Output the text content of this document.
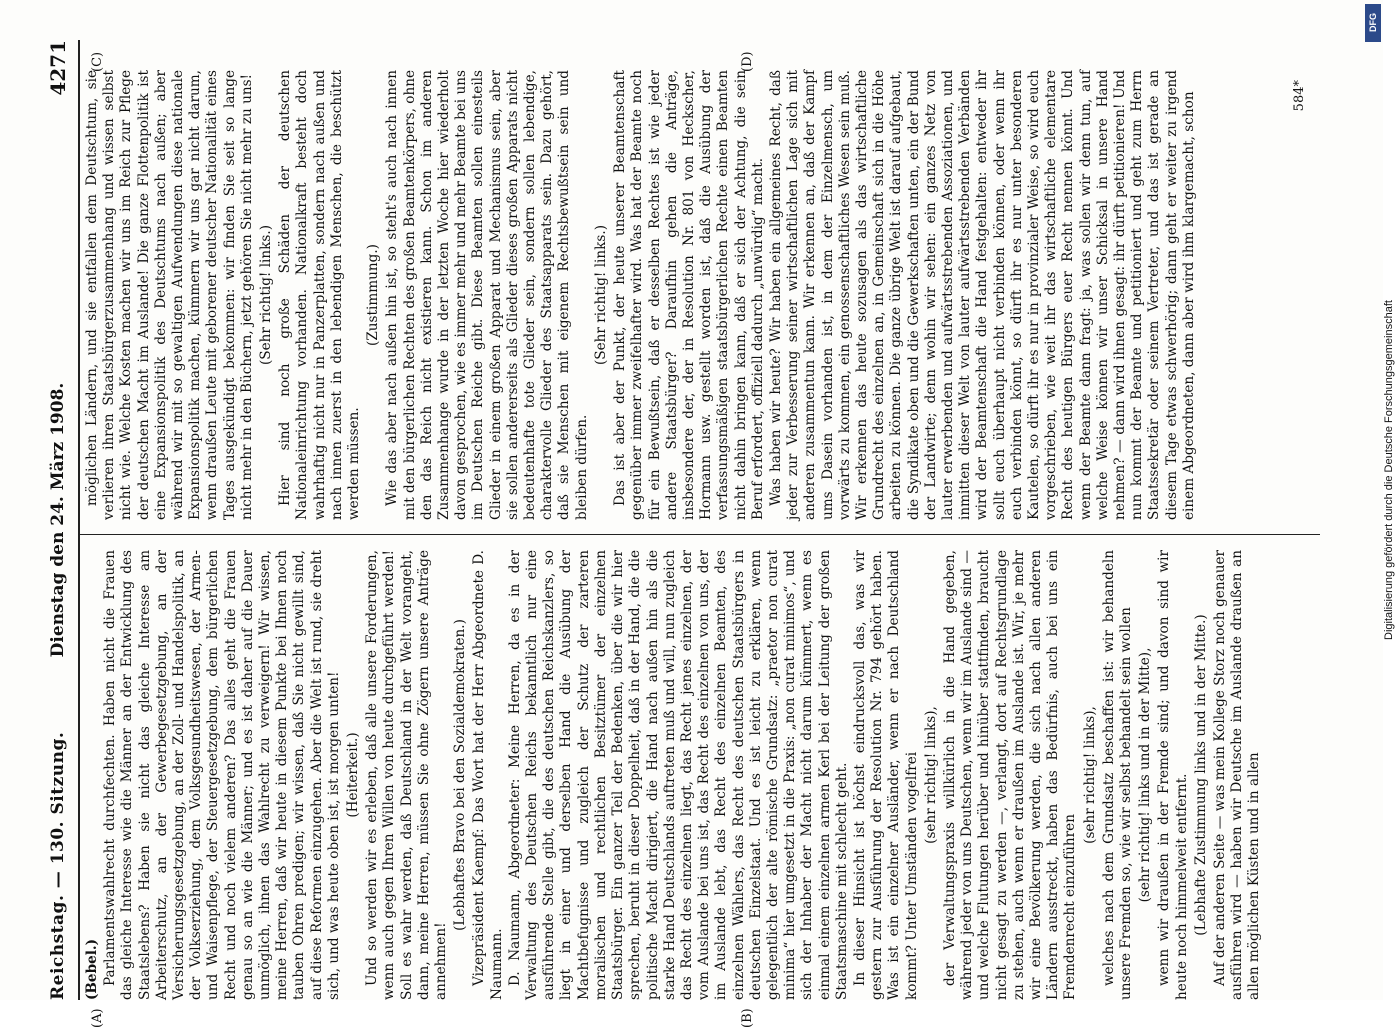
Reichstag. — 130. Sitzung.
Dienstag den 24. März 1908.
4271

(Bebel.) Parlamentswahlrecht durchfechten. Haben nicht die Frauen das gleiche Interesse wie die Männer an der Entwicklung des Staatslebens? Haben sie nicht das gleiche Interesse am Arbeiterschutz, an der Gewerbegesetzgebung, an der Versicherungsgesetzgebung, an der Zoll- und Handelspolitik, an der Volkserziehung, dem Volksgesundheitswesen, der Armen- und Waisenpflege, der Steuergesetzgebung, dem bürgerlichen Recht und noch vielem anderen? Das alles geht die Frauen genau so an wie die Männer; und es ist daher auf die Dauer unmöglich, ihnen das Wahlrecht zu verweigern! Wir wissen, meine Herren, daß wir heute in diesem Punkte bei Ihnen noch tauben Ohren predigen; wir wissen, daß Sie nicht gewillt sind, auf diese Reformen einzugehen. Aber die Welt ist rund, sie dreht sich, und was heute oben ist, ist morgen unten! (Heiterkeit.) Und so werden wir es erleben, daß alle unsere Forderungen, wenn auch gegen Ihren Willen von heute durchgeführt werden! Soll es wahr werden, daß Deutschland in der Welt vorangeht, dann, meine Herren, müssen Sie ohne Zögern unsere Anträge annehmen!

(Lebhaftes Bravo bei den Sozialdemokraten.) Vizepräsident Kaempf: Das Wort hat der Herr Abgeordnete D. Naumann. D. Naumann, Abgeordneter: Meine Herren, da es in der Verwaltung des Deutschen Reichs bekanntlich nur eine ausführende Stelle gibt, die des deutschen Reichskanzlers, so liegt in einer und derselben Hand die Ausübung der Machtbefugnisse und zugleich der Schutz der zarteren moralischen und rechtlichen Besitztümer der einzelnen Staatsbürger. Ein ganzer Teil der Bedenken, über die wir hier sprechen, beruht in dieser Doppelheit, daß in der Hand, die die politische Macht dirigiert, die Hand nach außen hin als die starke Hand Deutschlands auftreten muß und will, nun zugleich das Recht des einzelnen liegt, das Recht jenes einzelnen, der vom Auslande bei uns ist, das Recht des einzelnen von uns, der im Auslande lebt, das Recht des einzelnen Beamten, des einzelnen Wählers, das Recht des deutschen Staatsbürgers in deutschen Einzelstaat. Und es ist leicht zu erklären, wenn gelegentlich der alte römische Grundsatz: „praetor non curat minima“ hier umgesetzt in die Praxis: „non curat minimos“, und sich der Inhaber der Macht nicht darum kümmert, wenn es einmal einem einzelnen armen Kerl bei der Leitung der großen Staatsmaschine mit schlecht geht. In dieser Hinsicht ist höchst eindrucksvoll das, was wir gestern zur Ausführung der Resolution Nr. 794 gehört haben. Was ist ein einzelner Ausländer, wenn er nach Deutschland kommt? Unter Umständen vogelfrei (sehr richtig! links), der Verwaltungspraxis willkürlich in die Hand gegeben, während jeder von uns Deutschen, wenn wir im Auslande sind — und welche Flutungen herüber und hinüber stattfinden, braucht nicht gesagt zu werden —, verlangt, dort auf Rechtsgrundlage zu stehen, auch wenn er draußen im Auslande ist. Wir, je mehr wir eine Bevölkerung werden, die sich nach allen anderen Ländern ausstreckt, haben das Bedürfnis, auch bei uns ein Fremdenrecht einzuführen

(sehr richtig! links), welches nach dem Grundsatz beschaffen ist: wir behandeln unsere Fremden so, wie wir selbst behandelt sein wollen (sehr richtig! links und in der Mitte), wenn wir draußen in der Fremde sind; und davon sind wir heute noch himmelweit entfernt. (Lebhafte Zustimmung links und in der Mitte.) Auf der anderen Seite — was mein Kollege Storz noch genauer ausführen wird — haben wir Deutsche im Auslande draußen an allen möglichen Küsten und in allen

möglichen Ländern, und sie entfallen dem Deutschtum, sie verlieren ihren Staatsbürgerzusammenhang und wissen selbst nicht wie. Welche Kosten machen wir uns im Reich zur Pflege der deutschen Macht im Auslande! Die ganze Flottenpolitik ist eine Expansionspolitik des Deutschtums nach außen; aber während wir mit so gewaltigen Aufwendungen diese nationale Expansionspolitik machen, kümmern wir uns gar nicht darum, wenn draußen Leute mit geborener deutscher Nationalität eines Tages ausgekündigt bekommen: wir finden Sie seit so lange nicht mehr in den Büchern, jetzt gehören Sie nicht mehr zu uns! (Sehr richtig! links.) Hier sind noch große Schäden der deutschen Nationaleinrichtung vorhanden. Nationalkraft besteht doch wahrhaftig nicht nur in Panzerplatten, sondern nach außen und nach innen zuerst in den lebendigen Menschen, die beschützt werden müssen.

(Zustimmung.) Wie das aber nach außen hin ist, so steht's auch nach innen mit den bürgerlichen Rechten des großen Beamtenkörpers, ohne den das Reich nicht existieren kann. Schon im anderen Zusammenhange wurde in der letzten Woche hier wiederholt davon gesprochen, wie es immer mehr und mehr Beamte bei uns im Deutschen Reiche gibt. Diese Beamten sollen einesteils Glieder in einem großen Apparat und Mechanismus sein, aber sie sollen andererseits als Glieder dieses großen Apparats nicht bedeutenhafte tote Glieder sein, sondern sollen lebendige, charaktervolle Glieder des Staatsapparats sein. Dazu gehört, daß sie Menschen mit eigenem Rechtsbewußtsein sein und bleiben dürfen.

(Sehr richtig! links.) Das ist aber der Punkt, der heute unserer Beamtenschaft gegenüber immer zweifelhafter wird. Was hat der Beamte noch für ein Bewußtsein, daß er desselben Rechtes ist wie jeder andere Staatsbürger? Daraufhin gehen die Anträge, insbesondere der, der in Resolution Nr. 801 von Heckscher, Hormann usw. gestellt worden ist, daß die Ausübung der verfassungsmäßigen staatsbürgerlichen Rechte einen Beamten nicht dahin bringen kann, daß er sich der Achtung, die sein Beruf erfordert, offiziell dadurch „unwürdig“ macht. Was haben wir heute? Wir haben ein allgemeines Recht, daß jeder zur Verbesserung seiner wirtschaftlichen Lage sich mit anderen zusammentun kann. Wir erkennen an, daß der Kampf ums Dasein vorhanden ist, in dem der Einzelmensch, um vorwärts zu kommen, ein genossenschaftliches Wesen sein muß. Wir erkennen das heute sozusagen als das wirtschaftliche Grundrecht des einzelnen an, in Gemeinschaft sich in die Höhe arbeiten zu können. Die ganze übrige Welt ist darauf aufgebaut, die Syndikate oben und die Gewerkschaften unten, ein der Bund der Landwirte; denn wohin wir sehen: ein ganzes Netz von lauter erwerbenden und aufwärtsstrebenden Assoziationen, und inmitten dieser Welt von lauter aufwärtsstrebenden Verbänden wird der Beamtenschaft die Hand festgehalten: entweder ihr sollt euch überhaupt nicht verbinden können, oder wenn ihr euch verbinden könnt, so dürft ihr es nur unter besonderen Kautelen, so dürft ihr es nur in provinzialer Weise, so wird euch vorgeschrieben, wie weit ihr das wirtschaftliche elementare Recht des heutigen Bürgers euer Recht nennen könnt. Und wenn der Beamte dann fragt: ja, was sollen wir denn tun, auf welche Weise können wir unser Schicksal in unsere Hand nehmen? — dann wird ihnen gesagt: ihr dürft petitionieren! Und nun kommt der Beamte und petitioniert und geht zum Herrn Staatssekretär oder seinem Vertreter, und das ist gerade an diesem Tage etwas schwerhörig; dann geht er weiter zu irgend einem Abgeordneten, dann aber wird ihm klargemacht, schon	584*
(A)	(B)
(C)	(D)
Digitalisierung gefördert durch die Deutsche Forschungsgemeinschaft
DFG
